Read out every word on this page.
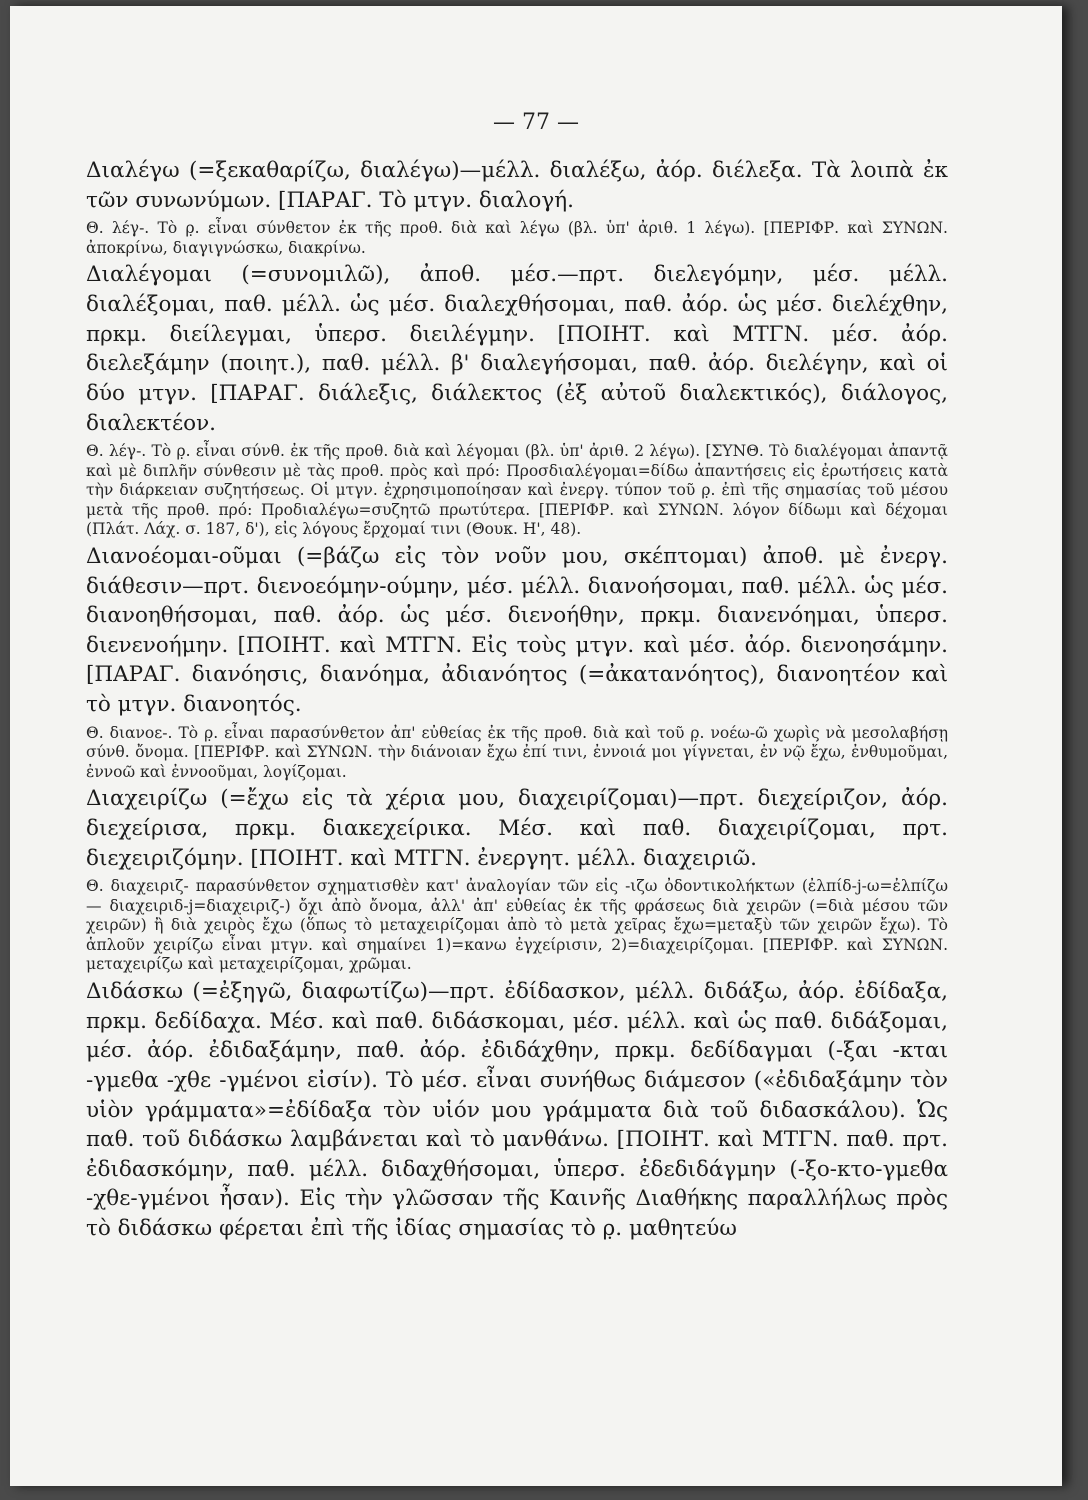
— 77 —

Διαλέγω (=ξεκαθαρίζω, διαλέγω)—μέλλ. διαλέξω, ἀόρ. διέλεξα. Τὰ λοιπὰ ἐκ τῶν συνωνύμων. [ΠΑΡΑΓ. Τὸ μτγν. διαλογή.

Θ. λέγ-. Τὸ ρ̣. εἶναι σύνθετον ἐκ τῆς προθ. διὰ καὶ λέγω (βλ. ὑπ' ἀριθ. 1 λέγω). [ΠΕΡΙΦΡ. καὶ ΣΥΝΩΝ. ἀποκρίνω, διαγιγνώσκω, διακρίνω.

Διαλέγομαι (=συνομιλῶ), ἀποθ. μέσ.—πρτ. διελεγόμην, μέσ. μέλλ. διαλέξομαι, παθ. μέλλ. ὡς μέσ. διαλεχθήσομαι, παθ. ἀόρ. ὡς μέσ. διελέχθην, πρκμ. διείλεγμαι, ὑπερσ. διειλέγμην. [ΠΟΙΗΤ. καὶ ΜΤΓΝ. μέσ. ἀόρ. διελεξάμην (ποιητ.), παθ. μέλλ. β' διαλεγήσομαι, παθ. ἀόρ. διελέγην, καὶ οἱ δύο μτγν. [ΠΑΡΑΓ. διάλεξις, διάλεκτος (ἐξ αὐτοῦ διαλεκτικός), διάλογος, διαλεκτέον.

Θ. λέγ-. Τὸ ρ̣. εἶναι σύνθ. ἐκ τῆς προθ. διὰ καὶ λέγομαι (βλ. ὑπ' ἀριθ. 2 λέγω). [ΣΥΝΘ. Τὸ διαλέγομαι ἀπαντᾷ καὶ μὲ διπλῆν σύνθεσιν μὲ τὰς προθ. πρὸς καὶ πρό: Προσδιαλέγομαι=δίδω ἀπαντήσεις εἰς ἐρωτήσεις κατὰ τὴν διάρκειαν συζητήσεως. Οἱ μτγν. ἐχρησιμοποίησαν καὶ ἐνεργ. τύπον τοῦ ρ̣. ἐπὶ τῆς σημασίας τοῦ μέσου μετὰ τῆς προθ. πρό: Προδιαλέγω=συζητῶ πρωτύτερα. [ΠΕΡΙΦΡ. καὶ ΣΥΝΩΝ. λόγον δίδωμι καὶ δέχομαι (Πλάτ. Λάχ. σ. 187, δ'), εἰς λόγους ἔρχομαί τινι (Θουκ. Η', 48).

Διανοέομαι-οῦμαι (=βάζω εἰς τὸν νοῦν μου, σκέπτομαι) ἀποθ. μὲ ἐνεργ. διάθεσιν—πρτ. διενοεόμην-ούμην, μέσ. μέλλ. διανοήσομαι, παθ. μέλλ. ὡς μέσ. διανοηθήσομαι, παθ. ἀόρ. ὡς μέσ. διενοήθην, πρκμ. διανενόημαι, ὑπερσ. διενενοήμην. [ΠΟΙΗΤ. καὶ ΜΤΓΝ. Εἰς τοὺς μτγν. καὶ μέσ. ἀόρ. διενοησάμην. [ΠΑΡΑΓ. διανόησις, διανόημα, ἀδιανόητος (=ἀκατανόητος), διανοητέον καὶ τὸ μτγν. διανοητός.

Θ. διανοε-. Τὸ ρ̣. εἶναι παρασύνθετον ἀπ' εὐθείας ἐκ τῆς προθ. διὰ καὶ τοῦ ρ̣. νοέω-ῶ χωρὶς νὰ μεσολαβήσῃ σύνθ. ὄνομα. [ΠΕΡΙΦΡ. καὶ ΣΥΝΩΝ. τὴν διάνοιαν ἔχω ἐπί τινι, ἐννοιά μοι γίγνεται, ἐν νῷ ἔχω, ἐνθυμοῦμαι, ἐννοῶ καὶ ἐννοοῦμαι, λογίζομαι.

Διαχειρίζω (=ἔχω εἰς τὰ χέρια μου, διαχειρίζομαι)—πρτ. διεχείριζον, ἀόρ. διεχείρισα, πρκμ. διακεχείρικα. Μέσ. καὶ παθ. διαχειρίζομαι, πρτ. διεχειριζόμην. [ΠΟΙΗΤ. καὶ ΜΤΓΝ. ἐνεργητ. μέλλ. διαχειριῶ.

Θ. διαχειριζ- παρασύνθετον σχηματισθὲν κατ' ἀναλογίαν τῶν εἰς -ιζω ὀδοντικολήκτων (ἐλπίδ-j-ω=ἐλπίζω — διαχειριδ-j=διαχειριζ-) ὄχι ἀπὸ ὄνομα, ἀλλ' ἀπ' εὐθείας ἐκ τῆς φράσεως διὰ χειρῶν (=διὰ μέσου τῶν χειρῶν) ἢ διὰ χειρὸς ἔχω (ὅπως τὸ μεταχειρίζομαι ἀπὸ τὸ μετὰ χεῖρας ἔχω=μεταξὺ τῶν χειρῶν ἔχω). Τὸ ἁπλοῦν χειρίζω εἶναι μτγν. καὶ σημαίνει 1)=κανω ἐγχείρισιν, 2)=διαχειρίζομαι. [ΠΕΡΙΦΡ. καὶ ΣΥΝΩΝ. μεταχειρίζω καὶ μεταχειρίζομαι, χρῶμαι.

Διδάσκω (=ἐξηγῶ, διαφωτίζω)—πρτ. ἐδίδασκον, μέλλ. διδάξω, ἀόρ. ἐδίδαξα, πρκμ. δεδίδαχα. Μέσ. καὶ παθ. διδάσκομαι, μέσ. μέλλ. καὶ ὡς παθ. διδάξομαι, μέσ. ἀόρ. ἐδιδαξάμην, παθ. ἀόρ. ἐδιδάχθην, πρκμ. δεδίδαγμαι (-ξαι -κται -γμεθα -χθε -γμένοι εἰσίν). Τὸ μέσ. εἶναι συνήθως διάμεσον («ἐδιδαξάμην τὸν υἱὸν γράμματα»=ἐδίδαξα τὸν υἱόν μου γράμματα διὰ τοῦ διδασκάλου). Ὡς παθ. τοῦ διδάσκω λαμβάνεται καὶ τὸ μανθάνω. [ΠΟΙΗΤ. καὶ ΜΤΓΝ. παθ. πρτ. ἐδιδασκόμην, παθ. μέλλ. διδαχθήσομαι, ὑπερσ. ἐδεδιδάγμην (-ξο-κτο-γμεθα -χθε-γμένοι ἦσαν). Εἰς τὴν γλῶσσαν τῆς Καινῆς Διαθήκης παραλλήλως πρὸς τὸ διδάσκω φέρεται ἐπὶ τῆς ἰδίας σημασίας τὸ ρ̣. μαθητεύω
